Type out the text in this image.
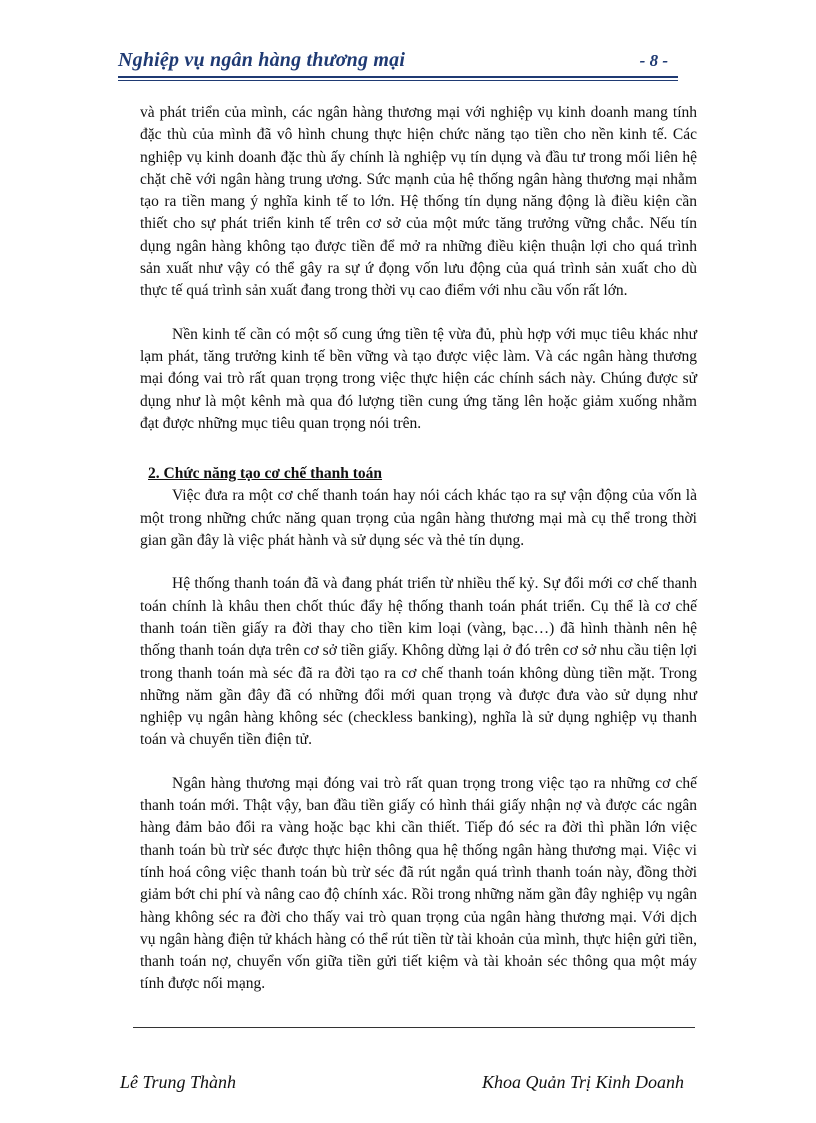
Nghiệp vụ ngân hàng thương mại	- 8 -

và phát triển của mình, các ngân hàng thương mại với nghiệp vụ kinh doanh mang tính đặc thù của mình đã vô hình chung thực hiện chức năng tạo tiền cho nền kinh tế. Các nghiệp vụ kinh doanh đặc thù ấy chính là nghiệp vụ tín dụng và đầu tư trong mối liên hệ chặt chẽ với ngân hàng trung ương. Sức mạnh của hệ thống ngân hàng thương mại nhằm tạo ra tiền mang ý nghĩa kinh tế to lớn. Hệ thống tín dụng năng động là điều kiện cần thiết cho sự phát triển kinh tế trên cơ sở của một mức tăng trưởng vững chắc. Nếu tín dụng ngân hàng không tạo được tiền để mở ra những điều kiện thuận lợi cho quá trình sản xuất như vậy có thể gây ra sự ứ đọng vốn lưu động của quá trình sản xuất cho dù thực tế quá trình sản xuất đang trong thời vụ cao điểm với nhu cầu vốn rất lớn.

Nền kinh tế cần có một số cung ứng tiền tệ vừa đủ, phù hợp với mục tiêu khác như lạm phát, tăng trưởng kinh tế bền vững và tạo được việc làm. Và các ngân hàng thương mại đóng vai trò rất quan trọng trong việc thực hiện các chính sách này. Chúng được sử dụng như là một kênh mà qua đó lượng tiền cung ứng tăng lên hoặc giảm xuống nhằm đạt được những mục tiêu quan trọng nói trên.

2. Chức năng tạo cơ chế thanh toán

Việc đưa ra một cơ chế thanh toán hay nói cách khác tạo ra sự vận động của vốn là một trong những chức năng quan trọng của ngân hàng thương mại mà cụ thể trong thời gian gần đây là việc phát hành và sử dụng séc và thẻ tín dụng.

Hệ thống thanh toán đã và đang phát triển từ nhiều thế kỷ. Sự đổi mới cơ chế thanh toán chính là khâu then chốt thúc đẩy hệ thống thanh toán phát triển. Cụ thể là cơ chế thanh toán tiền giấy ra đời thay cho tiền kim loại (vàng, bạc…) đã hình thành nên hệ thống thanh toán dựa trên cơ sở tiền giấy. Không dừng lại ở đó trên cơ sở nhu cầu tiện lợi trong thanh toán mà séc đã ra đời tạo ra cơ chế thanh toán không dùng tiền mặt. Trong những năm gần đây đã có những đổi mới quan trọng và được đưa vào sử dụng như nghiệp vụ ngân hàng không séc (checkless banking), nghĩa là sử dụng nghiệp vụ thanh toán và chuyển tiền điện tử.

Ngân hàng thương mại đóng vai trò rất quan trọng trong việc tạo ra những cơ chế thanh toán mới. Thật vậy, ban đầu tiền giấy có hình thái giấy nhận nợ và được các ngân hàng đảm bảo đổi ra vàng hoặc bạc khi cần thiết. Tiếp đó séc ra đời thì phần lớn việc thanh toán bù trừ séc được thực hiện thông qua hệ thống ngân hàng thương mại. Việc vi tính hoá công việc thanh toán bù trừ séc đã rút ngắn quá trình thanh toán này, đồng thời giảm bớt chi phí và nâng cao độ chính xác. Rồi trong những năm gần đây nghiệp vụ ngân hàng không séc ra đời cho thấy vai trò quan trọng của ngân hàng thương mại. Với dịch vụ ngân hàng điện tử khách hàng có thể rút tiền từ tài khoản của mình, thực hiện gửi tiền, thanh toán nợ, chuyển vốn giữa tiền gửi tiết kiệm và tài khoản séc thông qua một máy tính được nối mạng.

Lê Trung Thành	Khoa Quản Trị Kinh Doanh
